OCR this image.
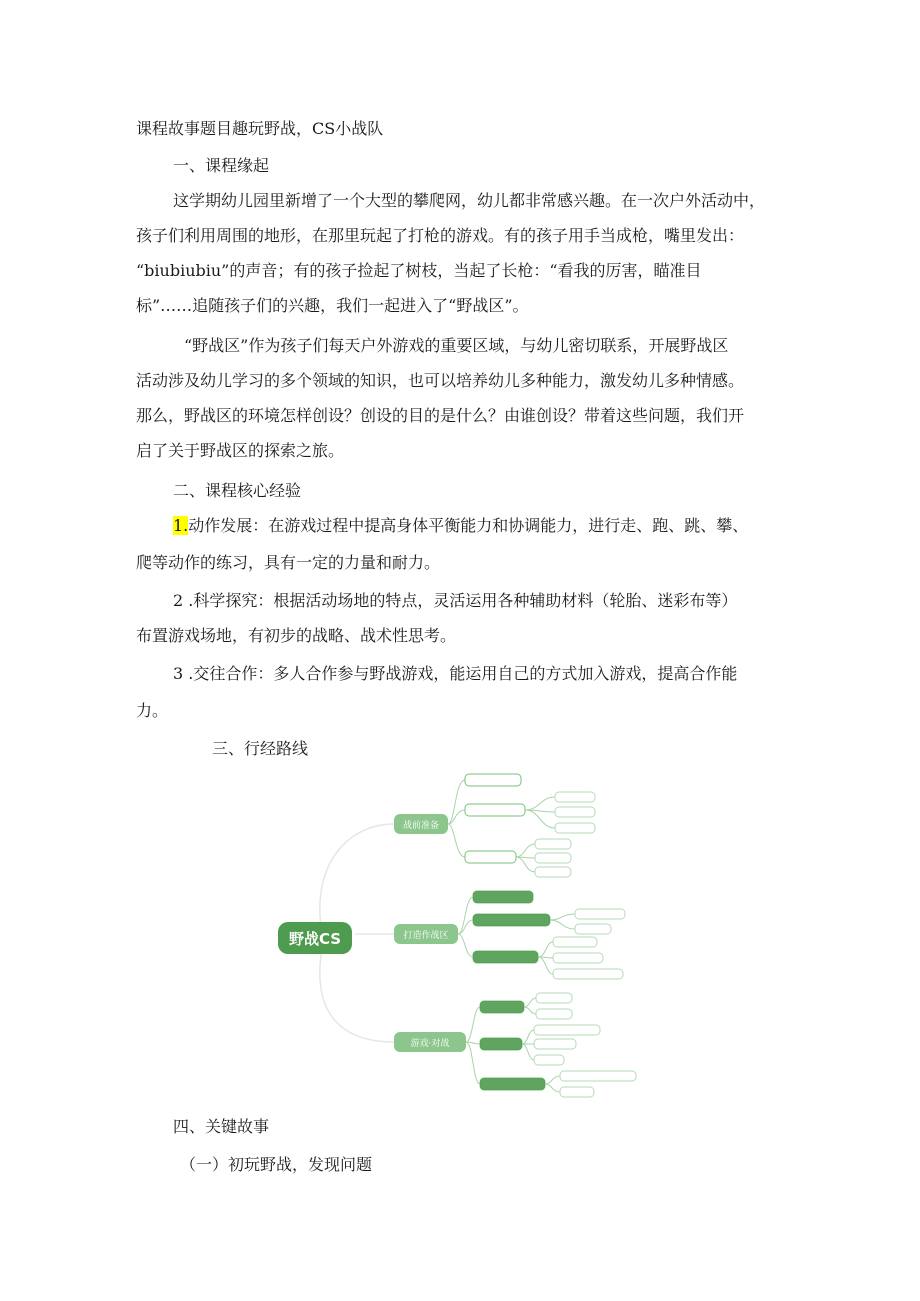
课程故事题目趣玩野战，CS小战队
一、课程缘起
这学期幼儿园里新增了一个大型的攀爬网，幼儿都非常感兴趣。在一次户外活动中，
孩子们利用周围的地形，在那里玩起了打枪的游戏。有的孩子用手当成枪，嘴里发出：
“biubiubiu”的声音；有的孩子捡起了树枝，当起了长枪：“看我的厉害，瞄准目
标”……追随孩子们的兴趣，我们一起进入了“野战区”。
“野战区”作为孩子们每天户外游戏的重要区域，与幼儿密切联系，开展野战区
活动涉及幼儿学习的多个领域的知识，也可以培养幼儿多种能力，激发幼儿多种情感。
那么，野战区的环境怎样创设？创设的目的是什么？由谁创设？带着这些问题，我们开
启了关于野战区的探索之旅。
二、课程核心经验
1.动作发展：在游戏过程中提高身体平衡能力和协调能力，进行走、跑、跳、攀、
爬等动作的练习，具有一定的力量和耐力。
2 .科学探究：根据活动场地的特点，灵活运用各种辅助材料（轮胎、迷彩布等）
布置游戏场地，有初步的战略、战术性思考。
3 .交往合作：多人合作参与野战游戏，能运用自己的方式加入游戏，提高合作能
力。
三、行经路线
野战CS
战前准备
打造作战区
游戏·对战
四、关键故事
（一）初玩野战，发现问题
